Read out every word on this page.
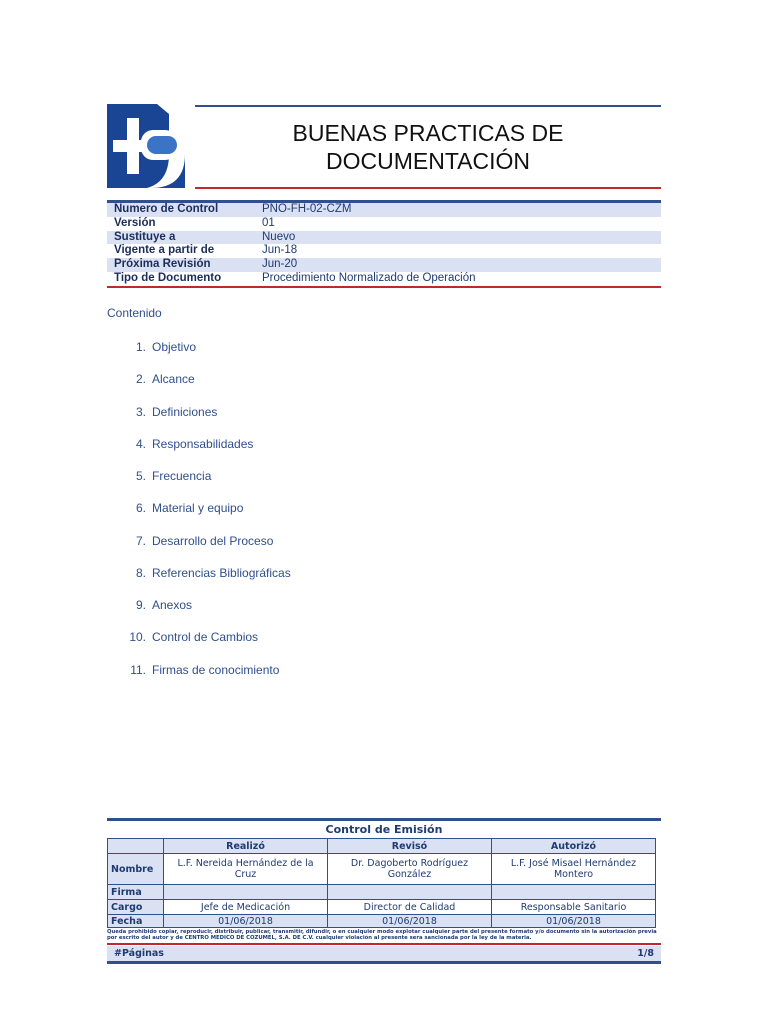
BUENAS PRACTICAS DE
DOCUMENTACIÓN
Numero de Control	PNO-FH-02-CZM
Versión	01
Sustituye a	Nuevo
Vigente a partir de	Jun-18
Próxima Revisión	Jun-20
Tipo de Documento	Procedimiento Normalizado de Operación
Contenido
1. Objetivo
2. Alcance
3. Definiciones
4. Responsabilidades
5. Frecuencia
6. Material y equipo
7. Desarrollo del Proceso
8. Referencias Bibliográficas
9. Anexos
10. Control de Cambios
11. Firmas de conocimiento
Control de Emisión
	Realizó	Revisó	Autorizó
Nombre	L.F. Nereida Hernández de la Cruz	Dr. Dagoberto Rodríguez González	L.F. José Misael Hernández Montero
Firma			
Cargo	Jefe de Medicación	Director de Calidad	Responsable Sanitario
Fecha	01/06/2018	01/06/2018	01/06/2018
Queda prohibido copiar, reproducir, distribuir, publicar, transmitir, difundir, o en cualquier modo explotar cualquier parte del presente formato y/o documento sin la autorización previa por escrito del autor y de CENTRO MEDICO DE COZUMEL, S.A. DE C.V. cualquier violación al presente sera sancionada por la ley de la materia.
#Páginas	1/8
